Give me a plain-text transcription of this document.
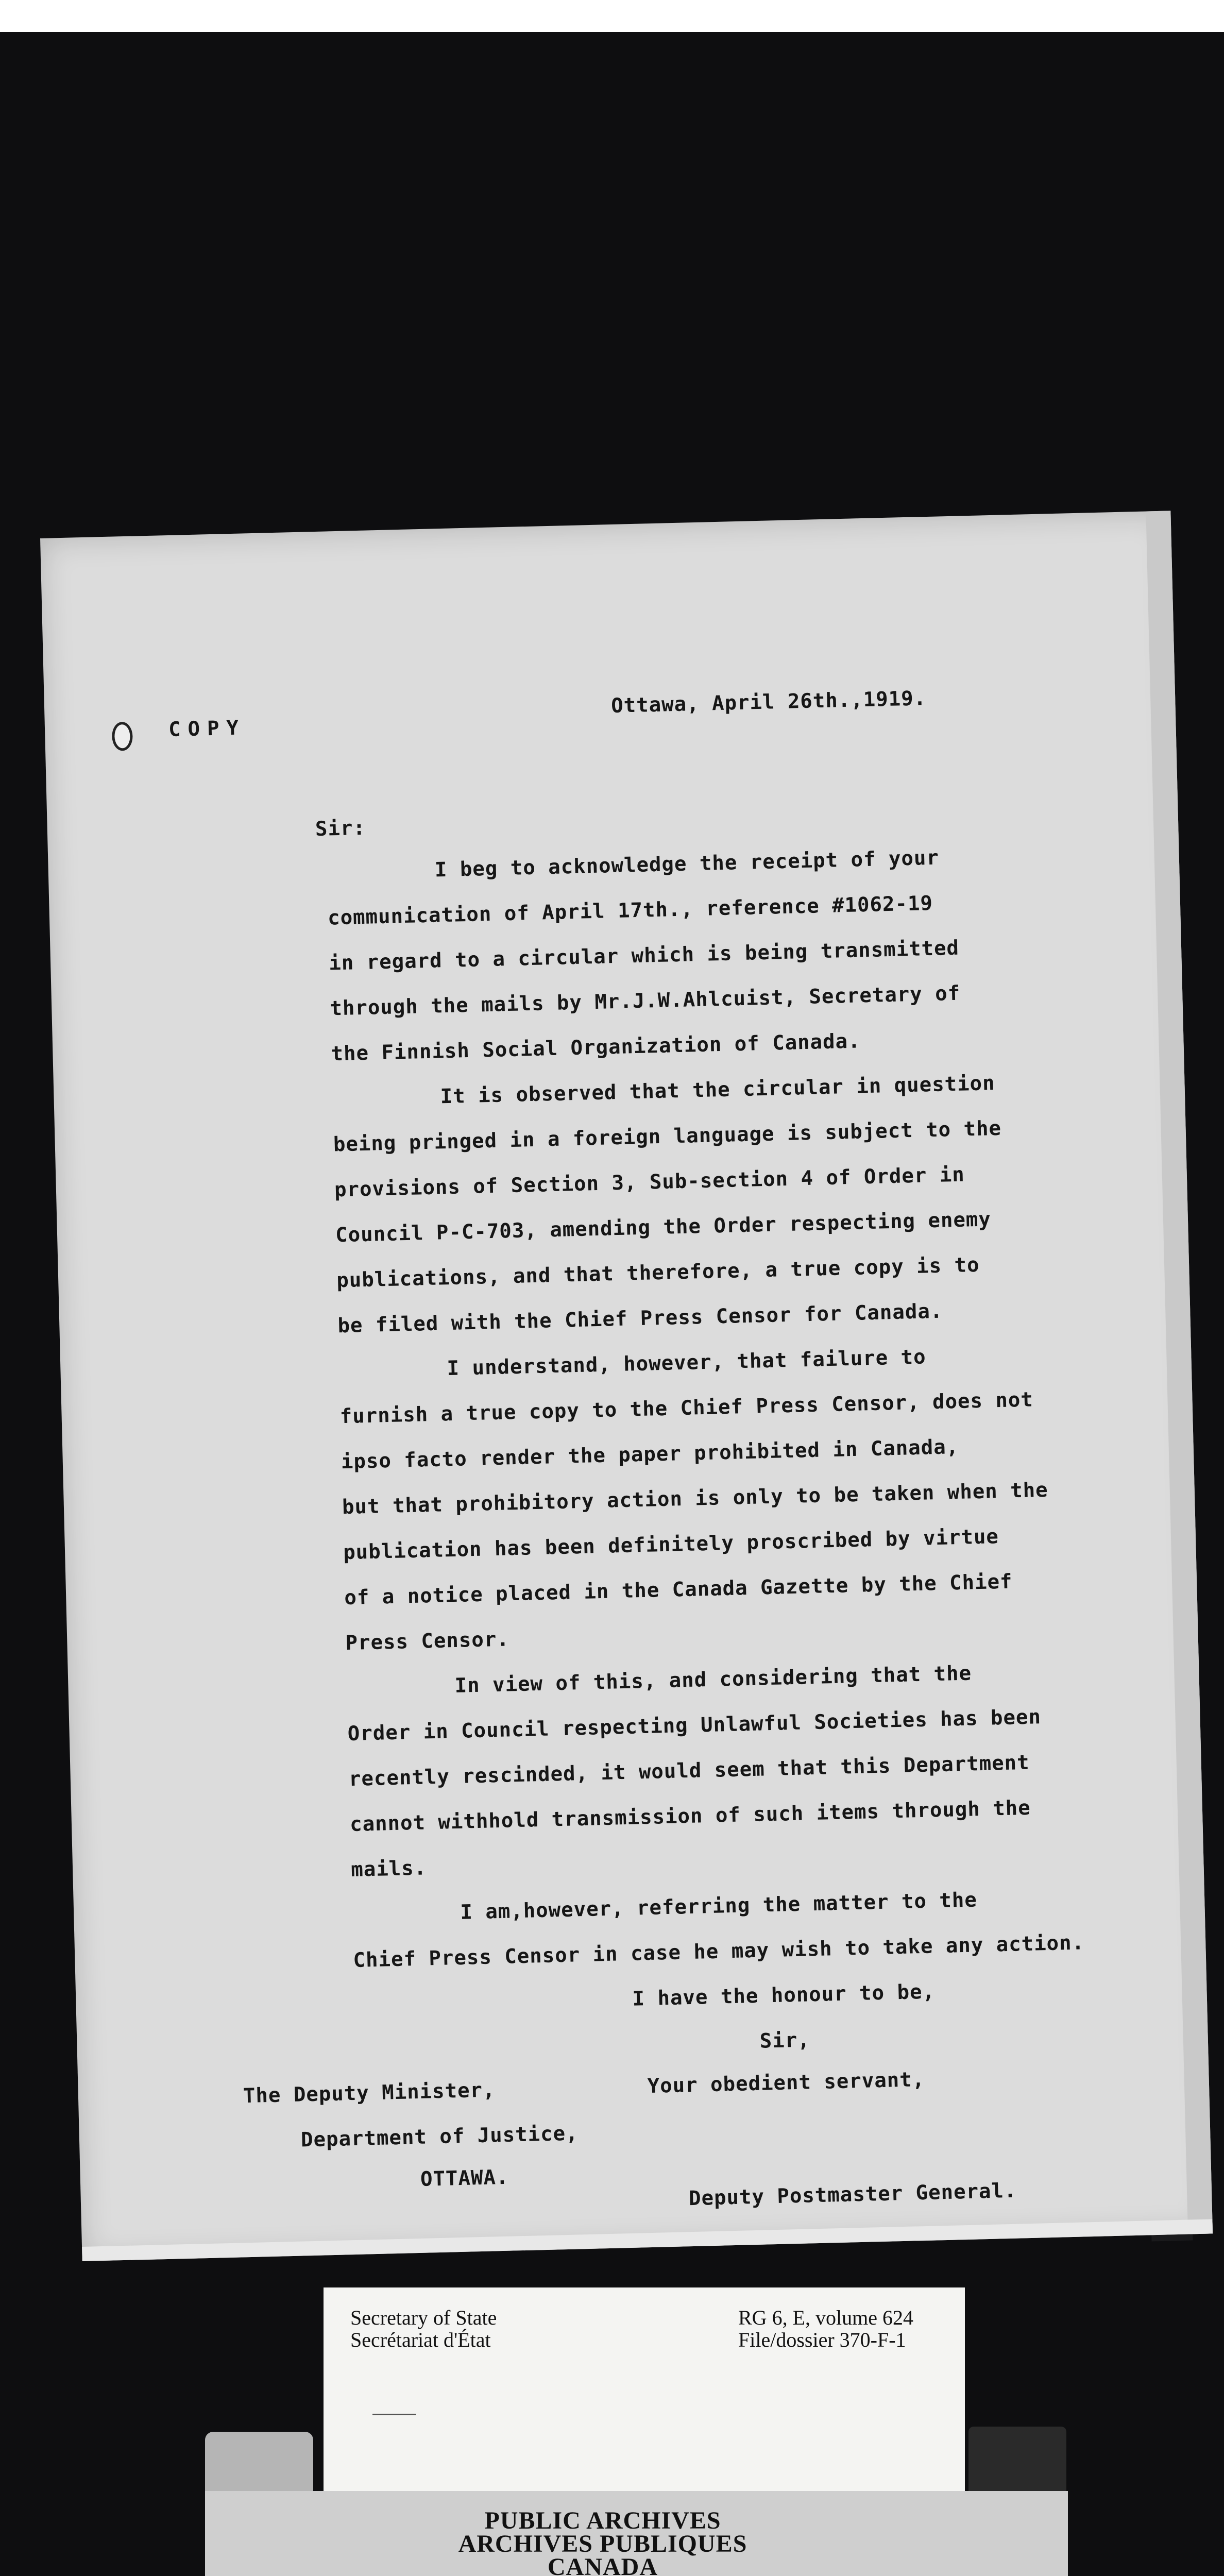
COPY
Ottawa, April 26th.,1919.
Sir:
I beg to acknowledge the receipt of your
communication of April 17th., reference #1062-19
in regard to a circular which is being transmitted
through the mails by Mr.J.W.Ahlcuist, Secretary of
the Finnish Social Organization of Canada.
It is observed that the circular in question
being pringed in a foreign language is subject to the
provisions of Section 3, Sub-section 4 of Order in
Council P-C-703, amending the Order respecting enemy
publications, and that therefore, a true copy is to
be filed with the Chief Press Censor for Canada.
I understand, however, that failure to
furnish a true copy to the Chief Press Censor, does not
ipso facto render the paper prohibited in Canada,
but that prohibitory action is only to be taken when the
publication has been definitely proscribed by virtue
of a notice placed in the Canada Gazette by the Chief
Press Censor.
In view of this, and considering that the
Order in Council respecting Unlawful Societies has been
recently rescinded, it would seem that this Department
cannot withhold transmission of such items through the
mails.
I am,however, referring the matter to the
Chief Press Censor in case he may wish to take any action.
I have the honour to be,
Sir,
Your obedient servant,
The Deputy Minister,
Department of Justice,
OTTAWA.
Deputy Postmaster General.
Secretary of State
Secrétariat d'État
RG 6, E, volume 624
File/dossier 370-F-1
PUBLIC ARCHIVES
ARCHIVES PUBLIQUES
CANADA
